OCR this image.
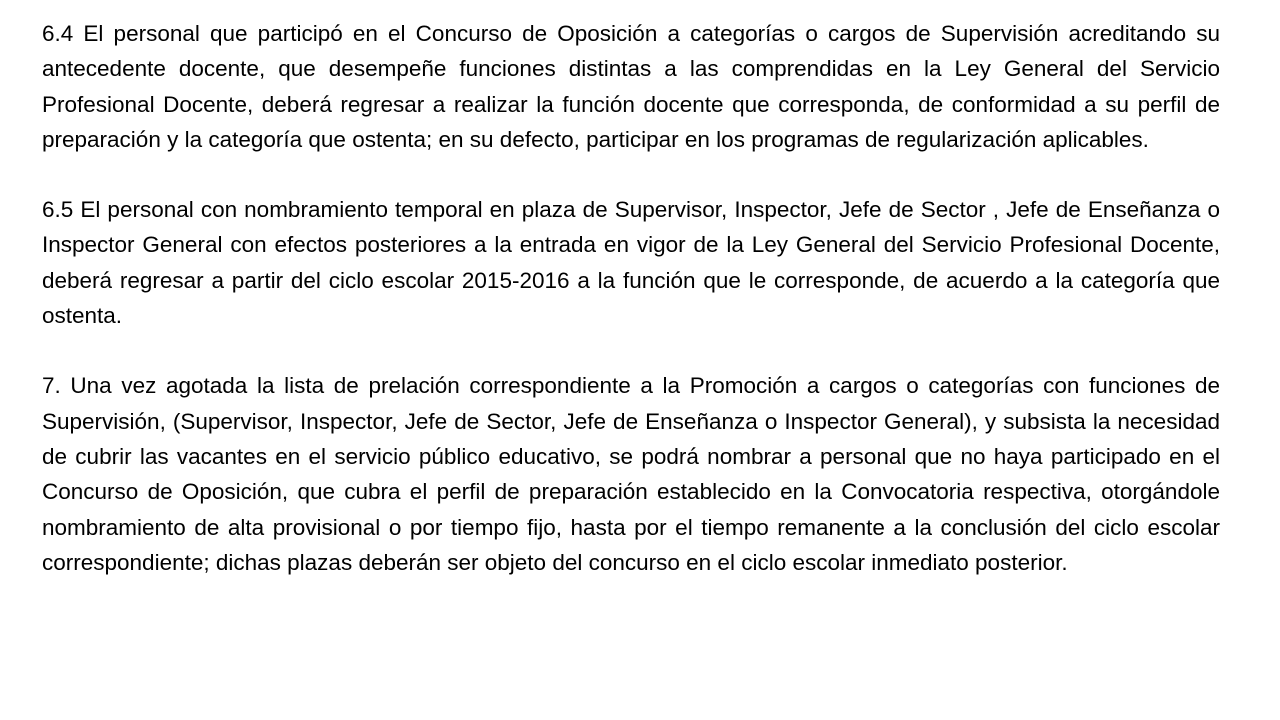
6.4 El personal que participó en el Concurso de Oposición a categorías o cargos de Supervisión acreditando su antecedente docente, que desempeñe funciones distintas a las comprendidas en la Ley General del Servicio Profesional Docente, deberá regresar a realizar la función docente que corresponda, de conformidad a su perfil de preparación y la categoría que ostenta; en su defecto, participar en los programas de regularización aplicables.

6.5 El personal con nombramiento temporal en plaza de Supervisor, Inspector, Jefe de Sector , Jefe de Enseñanza o Inspector General con efectos posteriores a la entrada en vigor de la Ley General del Servicio Profesional Docente, deberá regresar a partir del ciclo escolar 2015-2016 a la función que le corresponde, de acuerdo a la categoría que ostenta.

7. Una vez agotada la lista de prelación correspondiente a la Promoción a cargos o categorías con funciones de Supervisión, (Supervisor, Inspector, Jefe de Sector, Jefe de Enseñanza o Inspector General), y subsista la necesidad de cubrir las vacantes en el servicio público educativo, se podrá nombrar a personal que no haya participado en el Concurso de Oposición, que cubra el perfil de preparación establecido en la Convocatoria respectiva, otorgándole nombramiento de alta provisional o por tiempo fijo, hasta por el tiempo remanente a la conclusión del ciclo escolar correspondiente; dichas plazas deberán ser objeto del concurso en el ciclo escolar inmediato posterior.
